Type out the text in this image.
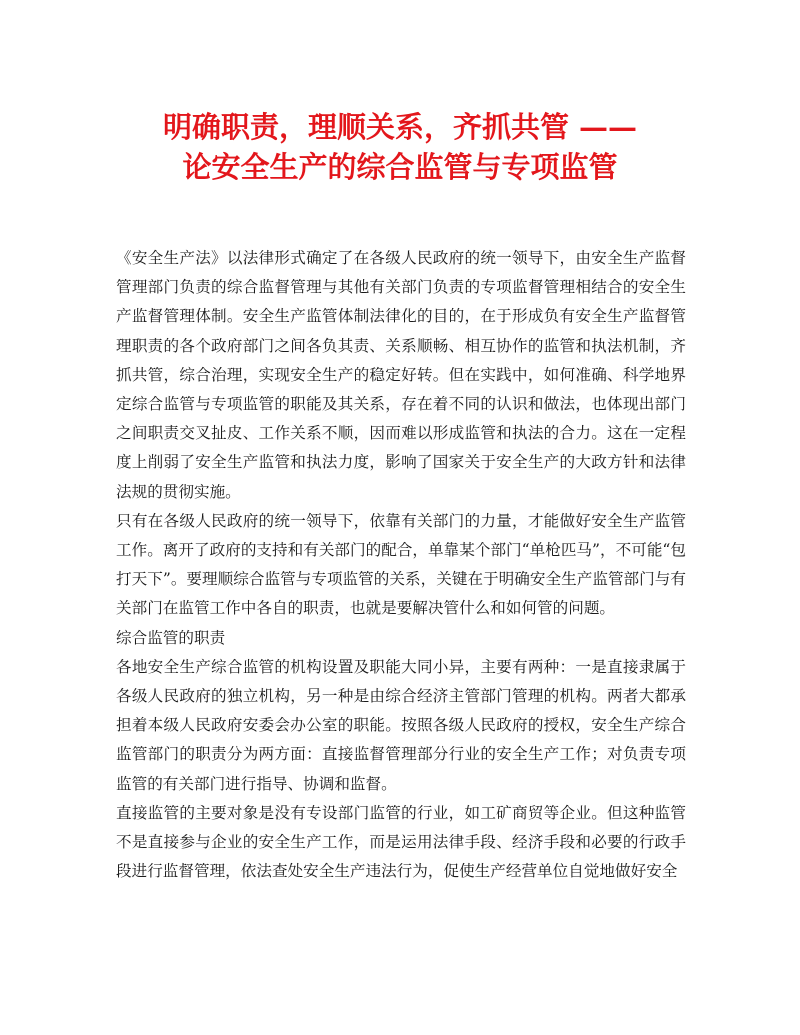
明确职责，理顺关系，齐抓共管 ——
论安全生产的综合监管与专项监管

《安全生产法》以法律形式确定了在各级人民政府的统一领导下，由安全生产监督管理部门负责的综合监督管理与其他有关部门负责的专项监督管理相结合的安全生产监督管理体制。安全生产监管体制法律化的目的，在于形成负有安全生产监督管理职责的各个政府部门之间各负其责、关系顺畅、相互协作的监管和执法机制，齐抓共管，综合治理，实现安全生产的稳定好转。但在实践中，如何准确、科学地界定综合监管与专项监管的职能及其关系，存在着不同的认识和做法，也体现出部门之间职责交叉扯皮、工作关系不顺，因而难以形成监管和执法的合力。这在一定程度上削弱了安全生产监管和执法力度，影响了国家关于安全生产的大政方针和法律法规的贯彻实施。

只有在各级人民政府的统一领导下，依靠有关部门的力量，才能做好安全生产监管工作。离开了政府的支持和有关部门的配合，单靠某个部门“单枪匹马”，不可能“包打天下”。要理顺综合监管与专项监管的关系，关键在于明确安全生产监管部门与有关部门在监管工作中各自的职责，也就是要解决管什么和如何管的问题。

综合监管的职责

各地安全生产综合监管的机构设置及职能大同小异，主要有两种：一是直接隶属于各级人民政府的独立机构，另一种是由综合经济主管部门管理的机构。两者大都承担着本级人民政府安委会办公室的职能。按照各级人民政府的授权，安全生产综合监管部门的职责分为两方面：直接监督管理部分行业的安全生产工作；对负责专项监管的有关部门进行指导、协调和监督。

直接监管的主要对象是没有专设部门监管的行业，如工矿商贸等企业。但这种监管不是直接参与企业的安全生产工作，而是运用法律手段、经济手段和必要的行政手段进行监督管理，依法查处安全生产违法行为，促使生产经营单位自觉地做好安全
